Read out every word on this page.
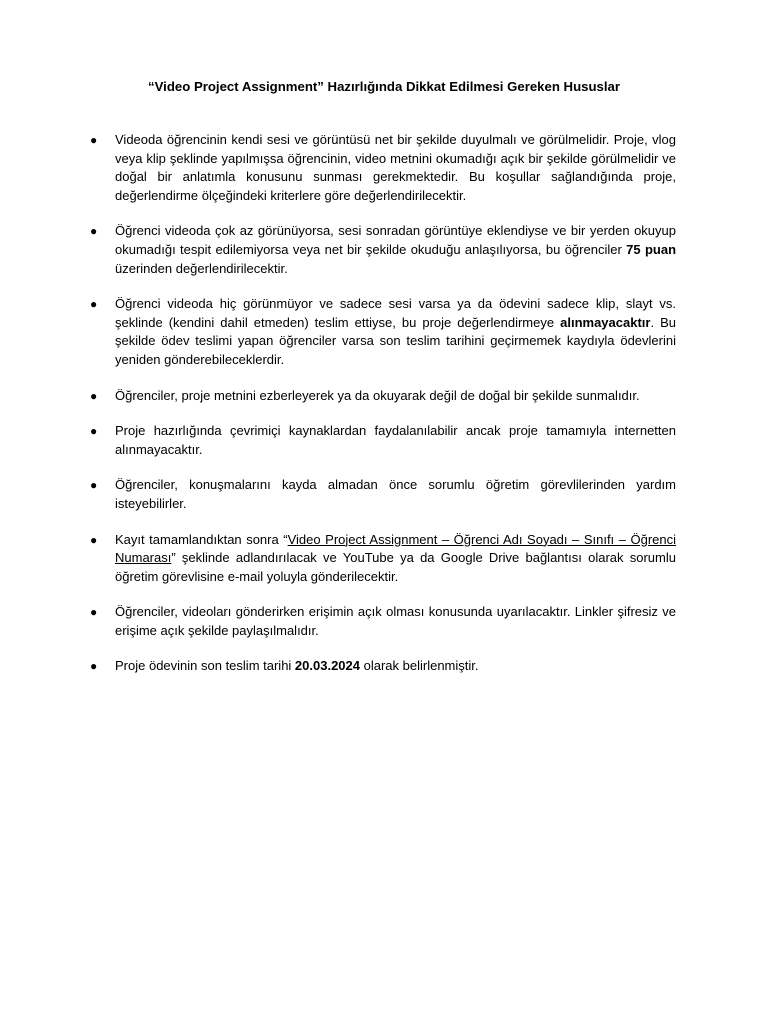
“Video Project Assignment” Hazırlığında Dikkat Edilmesi Gereken Hususlar
● Videoda öğrencinin kendi sesi ve görüntüsü net bir şekilde duyulmalı ve görülmelidir. Proje, vlog veya klip şeklinde yapılmışsa öğrencinin, video metnini okumadığı açık bir şekilde görülmelidir ve doğal bir anlatımla konusunu sunması gerekmektedir. Bu koşullar sağlandığında proje, değerlendirme ölçeğindeki kriterlere göre değerlendirilecektir.
● Öğrenci videoda çok az görünüyorsa, sesi sonradan görüntüye eklendiyse ve bir yerden okuyup okumadığı tespit edilemiyorsa veya net bir şekilde okuduğu anlaşılıyorsa, bu öğrenciler 75 puan üzerinden değerlendirilecektir.
● Öğrenci videoda hiç görünmüyor ve sadece sesi varsa ya da ödevini sadece klip, slayt vs. şeklinde (kendini dahil etmeden) teslim ettiyse, bu proje değerlendirmeye alınmayacaktır. Bu şekilde ödev teslimi yapan öğrenciler varsa son teslim tarihini geçirmemek kaydıyla ödevlerini yeniden gönderebileceklerdir.
● Öğrenciler, proje metnini ezberleyerek ya da okuyarak değil de doğal bir şekilde sunmalıdır.
● Proje hazırlığında çevrimiçi kaynaklardan faydalanılabilir ancak proje tamamıyla internetten alınmayacaktır.
● Öğrenciler, konuşmalarını kayda almadan önce sorumlu öğretim görevlilerinden yardım isteyebilirler.
● Kayıt tamamlandıktan sonra “Video Project Assignment – Öğrenci Adı Soyadı – Sınıfı – Öğrenci Numarası” şeklinde adlandırılacak ve YouTube ya da Google Drive bağlantısı olarak sorumlu öğretim görevlisine e-mail yoluyla gönderilecektir.
● Öğrenciler, videoları gönderirken erişimin açık olması konusunda uyarılacaktır. Linkler şifresiz ve erişime açık şekilde paylaşılmalıdır.
● Proje ödevinin son teslim tarihi 20.03.2024 olarak belirlenmiştir.
